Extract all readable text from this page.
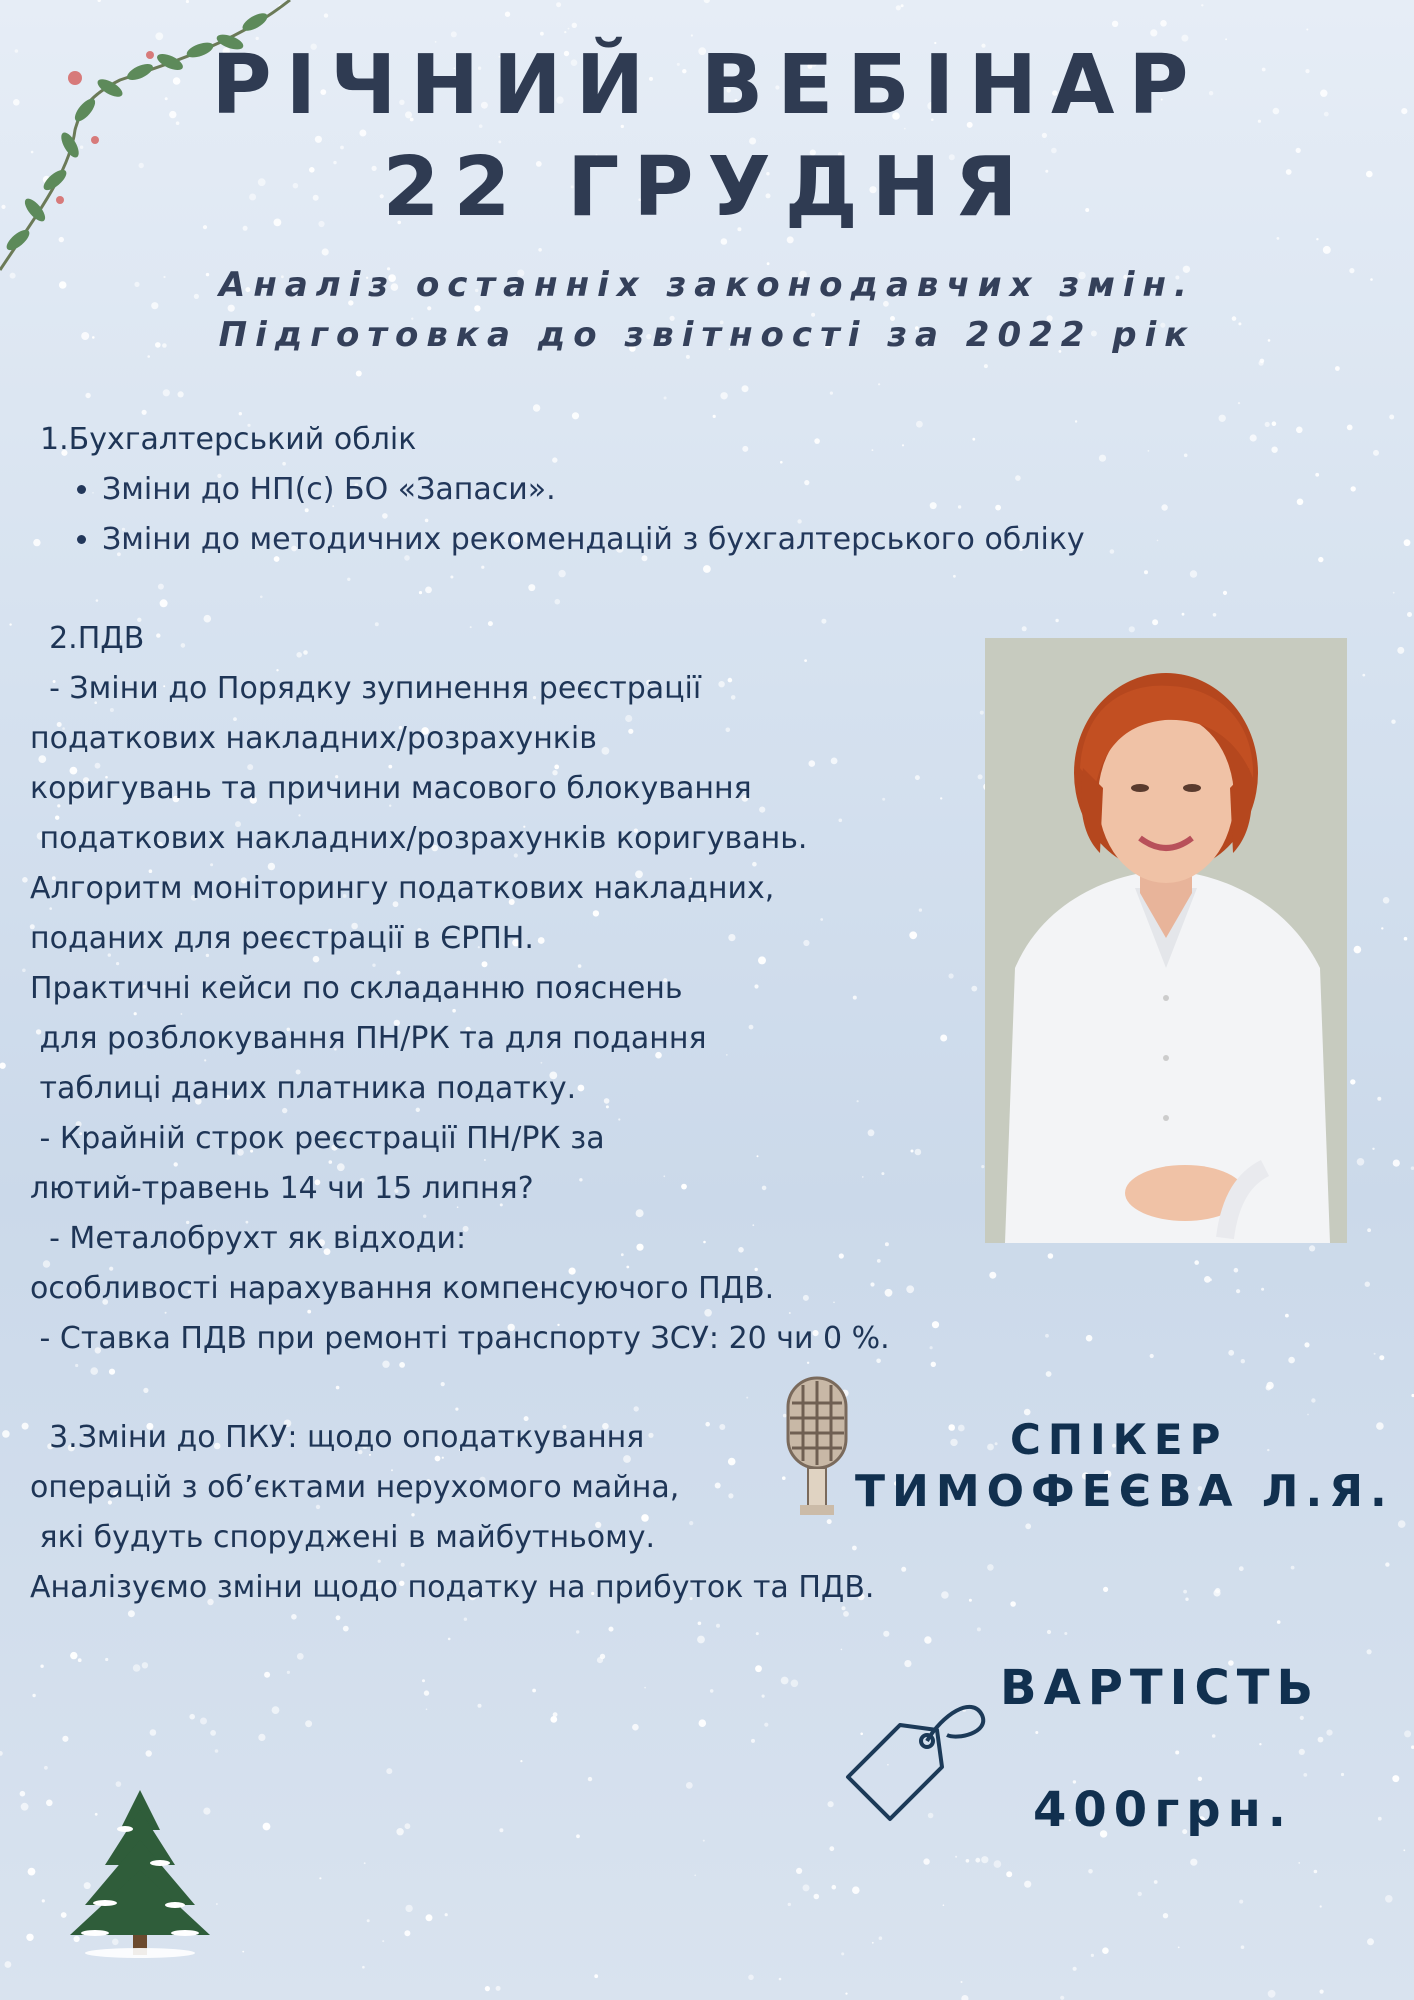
РІЧНИЙ ВЕБІНАР
22 ГРУДНЯ
Аналіз останніх законодавчих змін.
Підготовка до звітності за 2022 рік
1.Бухгалтерський облік
• Зміни до НП(с) БО «Запаси».
• Зміни до методичних рекомендацій з бухгалтерського обліку
2.ПДВ
- Зміни до Порядку зупинення реєстрації
податкових накладних/розрахунків
коригувань та причини масового блокування
податкових накладних/розрахунків коригувань.
Алгоритм моніторингу податкових накладних,
поданих для реєстрації в ЄРПН.
Практичні кейси по складанню пояснень
для розблокування ПН/РК та для подання
таблиці даних платника податку.
- Крайній строк реєстрації ПН/РК за
лютий-травень 14 чи 15 липня?
- Металобрухт як відходи:
особливості нарахування компенсуючого ПДВ.
- Ставка ПДВ при ремонті транспорту ЗСУ: 20 чи 0 %.
3.Зміни до ПКУ: щодо оподаткування
операцій з об’єктами нерухомого майна,
які будуть споруджені в майбутньому.
Аналізуємо зміни щодо податку на прибуток та ПДВ.
СПІКЕР
ТИМОФЕЄВА Л.Я.
ВАРТІСТЬ
400грн.
